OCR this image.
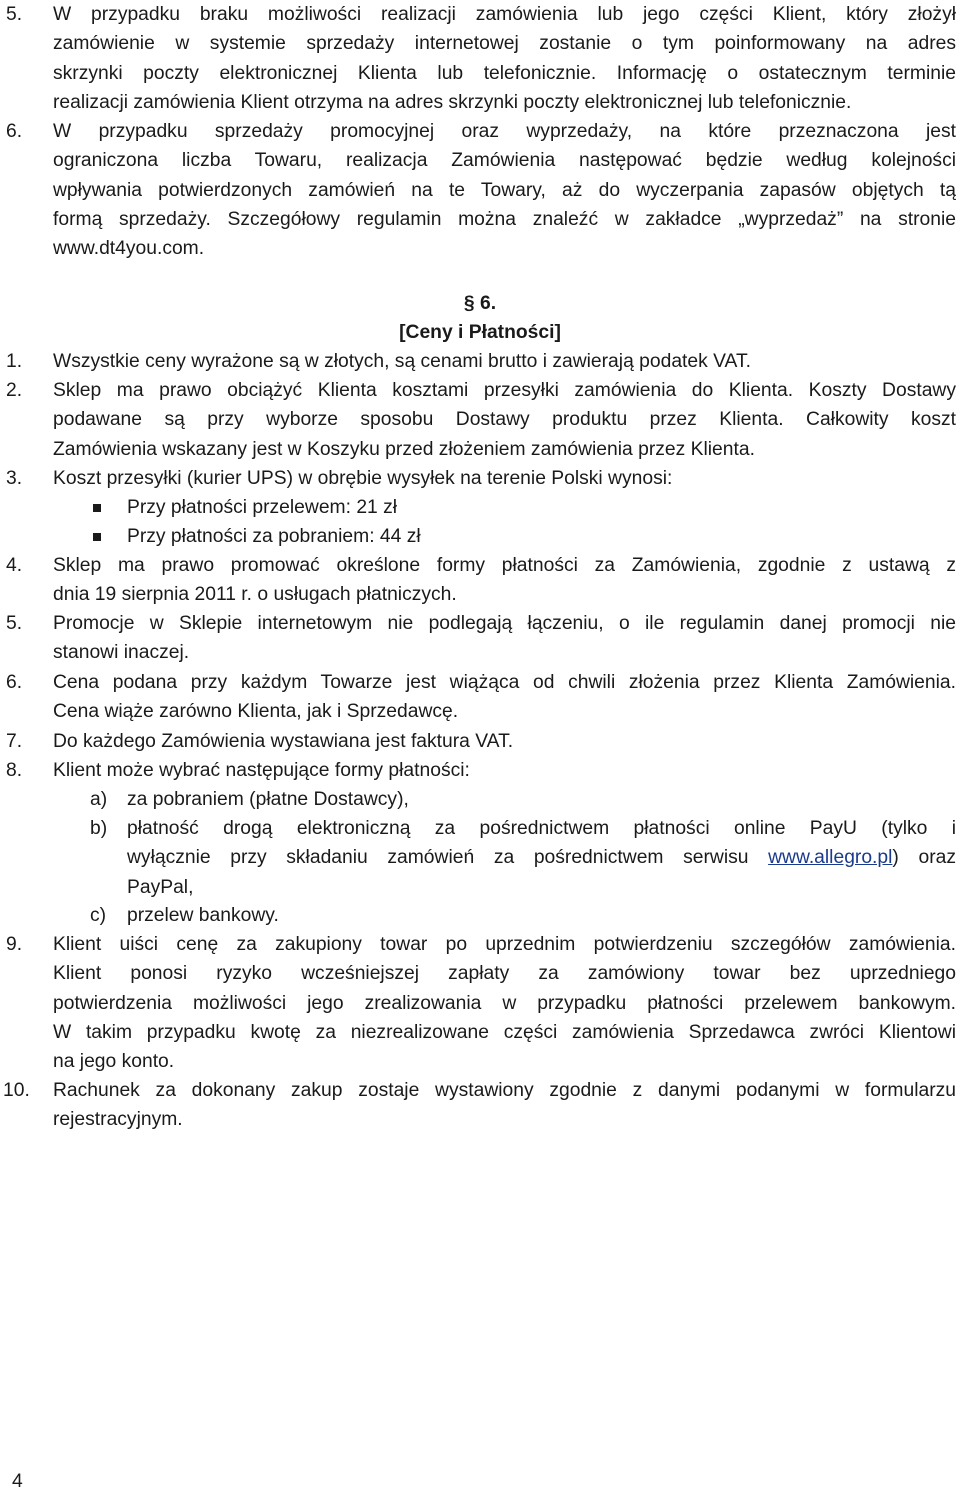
5. W przypadku braku możliwości realizacji zamówienia lub jego części Klient, który złożył
zamówienie w systemie sprzedaży internetowej zostanie o tym poinformowany na adres
skrzynki poczty elektronicznej Klienta lub telefonicznie. Informację o ostatecznym terminie
realizacji zamówienia Klient otrzyma na adres skrzynki poczty elektronicznej lub telefonicznie.
6. W przypadku sprzedaży promocyjnej oraz wyprzedaży, na które przeznaczona jest
ograniczona liczba Towaru, realizacja Zamówienia następować będzie według kolejności
wpływania potwierdzonych zamówień na te Towary, aż do wyczerpania zapasów objętych tą
formą sprzedaży. Szczegółowy regulamin można znaleźć w zakładce „wyprzedaż” na stronie
www.dt4you.com.
§ 6.
[Ceny i Płatności]
1. Wszystkie ceny wyrażone są w złotych, są cenami brutto i zawierają podatek VAT.
2. Sklep ma prawo obciążyć Klienta kosztami przesyłki zamówienia do Klienta. Koszty Dostawy
podawane są przy wyborze sposobu Dostawy produktu przez Klienta. Całkowity koszt
Zamówienia wskazany jest w Koszyku przed złożeniem zamówienia przez Klienta.
3. Koszt przesyłki (kurier UPS) w obrębie wysyłek na terenie Polski wynosi:
Przy płatności przelewem: 21 zł
Przy płatności za pobraniem: 44 zł
4. Sklep ma prawo promować określone formy płatności za Zamówienia, zgodnie z ustawą z
dnia 19 sierpnia 2011 r. o usługach płatniczych.
5. Promocje w Sklepie internetowym nie podlegają łączeniu, o ile regulamin danej promocji nie
stanowi inaczej.
6. Cena podana przy każdym Towarze jest wiążąca od chwili złożenia przez Klienta Zamówienia.
Cena wiąże zarówno Klienta, jak i Sprzedawcę.
7. Do każdego Zamówienia wystawiana jest faktura VAT.
8. Klient może wybrać następujące formy płatności:
a) za pobraniem (płatne Dostawcy),
b) płatność drogą elektroniczną za pośrednictwem płatności online PayU (tylko i
wyłącznie przy składaniu zamówień za pośrednictwem serwisu www.allegro.pl) oraz
PayPal,
c) przelew bankowy.
9. Klient uiści cenę za zakupiony towar po uprzednim potwierdzeniu szczegółów zamówienia.
Klient ponosi ryzyko wcześniejszej zapłaty za zamówiony towar bez uprzedniego
potwierdzenia możliwości jego zrealizowania w przypadku płatności przelewem bankowym.
W takim przypadku kwotę za niezrealizowane części zamówienia Sprzedawca zwróci Klientowi
na jego konto.
10. Rachunek za dokonany zakup zostaje wystawiony zgodnie z danymi podanymi w formularzu
rejestracyjnym.
4
